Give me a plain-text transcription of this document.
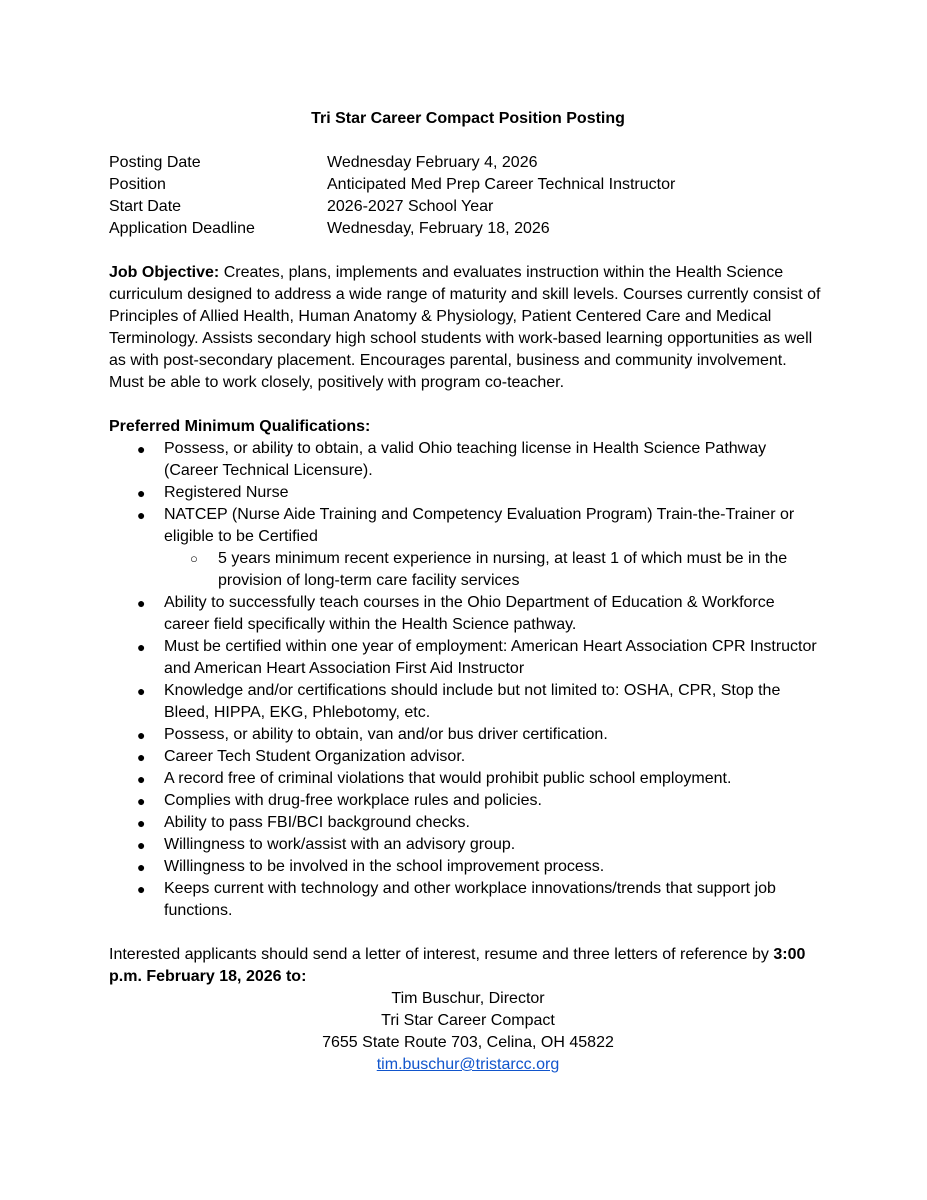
Tri Star Career Compact Position Posting
Posting Date	Wednesday February 4, 2026
Position	Anticipated Med Prep Career Technical Instructor
Start Date	2026-2027 School Year
Application Deadline	Wednesday, February 18, 2026
Job Objective: Creates, plans, implements and evaluates instruction within the Health Science curriculum designed to address a wide range of maturity and skill levels. Courses currently consist of Principles of Allied Health, Human Anatomy & Physiology, Patient Centered Care and Medical Terminology. Assists secondary high school students with work-based learning opportunities as well as with post-secondary placement. Encourages parental, business and community involvement. Must be able to work closely, positively with program co-teacher.
Preferred Minimum Qualifications:
● Possess, or ability to obtain, a valid Ohio teaching license in Health Science Pathway (Career Technical Licensure).
● Registered Nurse
● NATCEP (Nurse Aide Training and Competency Evaluation Program) Train-the-Trainer or eligible to be Certified
○ 5 years minimum recent experience in nursing, at least 1 of which must be in the provision of long-term care facility services
● Ability to successfully teach courses in the Ohio Department of Education & Workforce career field specifically within the Health Science pathway.
● Must be certified within one year of employment: American Heart Association CPR Instructor and American Heart Association First Aid Instructor
● Knowledge and/or certifications should include but not limited to: OSHA, CPR, Stop the Bleed, HIPPA, EKG, Phlebotomy, etc.
● Possess, or ability to obtain, van and/or bus driver certification.
● Career Tech Student Organization advisor.
● A record free of criminal violations that would prohibit public school employment.
● Complies with drug-free workplace rules and policies.
● Ability to pass FBI/BCI background checks.
● Willingness to work/assist with an advisory group.
● Willingness to be involved in the school improvement process.
● Keeps current with technology and other workplace innovations/trends that support job functions.
Interested applicants should send a letter of interest, resume and three letters of reference by 3:00 p.m. February 18, 2026 to:
Tim Buschur, Director
Tri Star Career Compact
7655 State Route 703, Celina, OH 45822
tim.buschur@tristarcc.org
